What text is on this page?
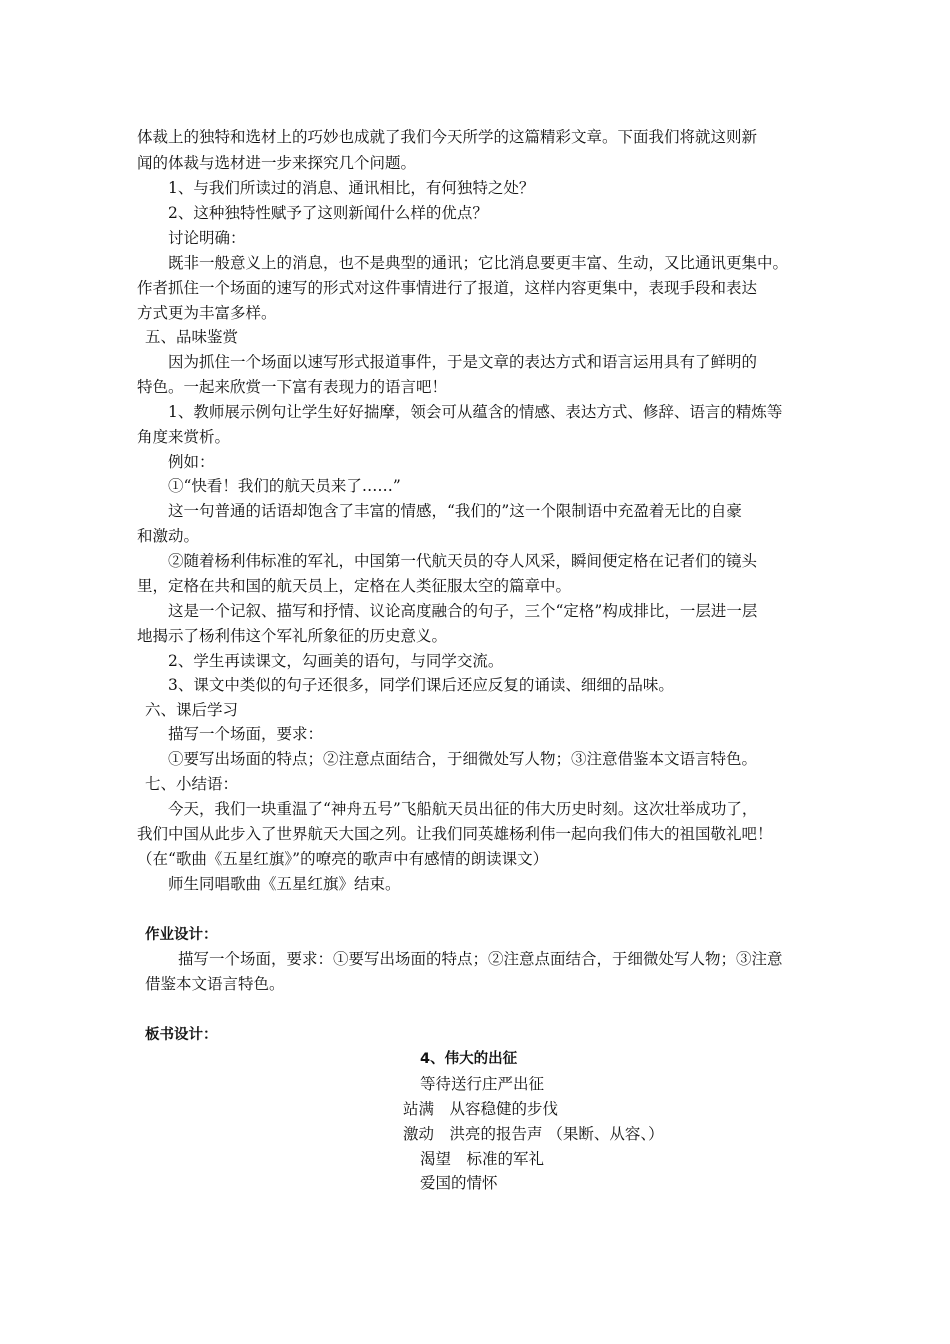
体裁上的独特和选材上的巧妙也成就了我们今天所学的这篇精彩文章。下面我们将就这则新
闻的体裁与选材进一步来探究几个问题。
1、与我们所读过的消息、通讯相比，有何独特之处？
2、这种独特性赋予了这则新闻什么样的优点？
讨论明确：
既非一般意义上的消息，也不是典型的通讯；它比消息要更丰富、生动，又比通讯更集中。
作者抓住一个场面的速写的形式对这件事情进行了报道，这样内容更集中，表现手段和表达
方式更为丰富多样。
五、品味鉴赏
因为抓住一个场面以速写形式报道事件，于是文章的表达方式和语言运用具有了鲜明的
特色。一起来欣赏一下富有表现力的语言吧！
1、教师展示例句让学生好好揣摩，领会可从蕴含的情感、表达方式、修辞、语言的精炼等
角度来赏析。
例如：
①“快看！我们的航天员来了……”
这一句普通的话语却饱含了丰富的情感，“我们的”这一个限制语中充盈着无比的自豪
和激动。
②随着杨利伟标准的军礼，中国第一代航天员的夺人风采，瞬间便定格在记者们的镜头
里，定格在共和国的航天员上，定格在人类征服太空的篇章中。
这是一个记叙、描写和抒情、议论高度融合的句子，三个“定格”构成排比，一层进一层
地揭示了杨利伟这个军礼所象征的历史意义。
2、学生再读课文，勾画美的语句，与同学交流。
3、课文中类似的句子还很多，同学们课后还应反复的诵读、细细的品味。
六、课后学习
描写一个场面，要求：
①要写出场面的特点；②注意点面结合，于细微处写人物；③注意借鉴本文语言特色。
七、小结语：
今天，我们一块重温了“神舟五号”飞船航天员出征的伟大历史时刻。这次壮举成功了，
我们中国从此步入了世界航天大国之列。让我们同英雄杨利伟一起向我们伟大的祖国敬礼吧！
（在“歌曲《五星红旗》”的嘹亮的歌声中有感情的朗读课文）
师生同唱歌曲《五星红旗》结束。
作业设计：
描写一个场面，要求：①要写出场面的特点；②注意点面结合，于细微处写人物；③注意
借鉴本文语言特色。
板书设计：
4、伟大的出征
等待送行庄严出征
站满　从容稳健的步伐
激动　洪亮的报告声 （果断、从容、）
渴望　标准的军礼
爱国的情怀
